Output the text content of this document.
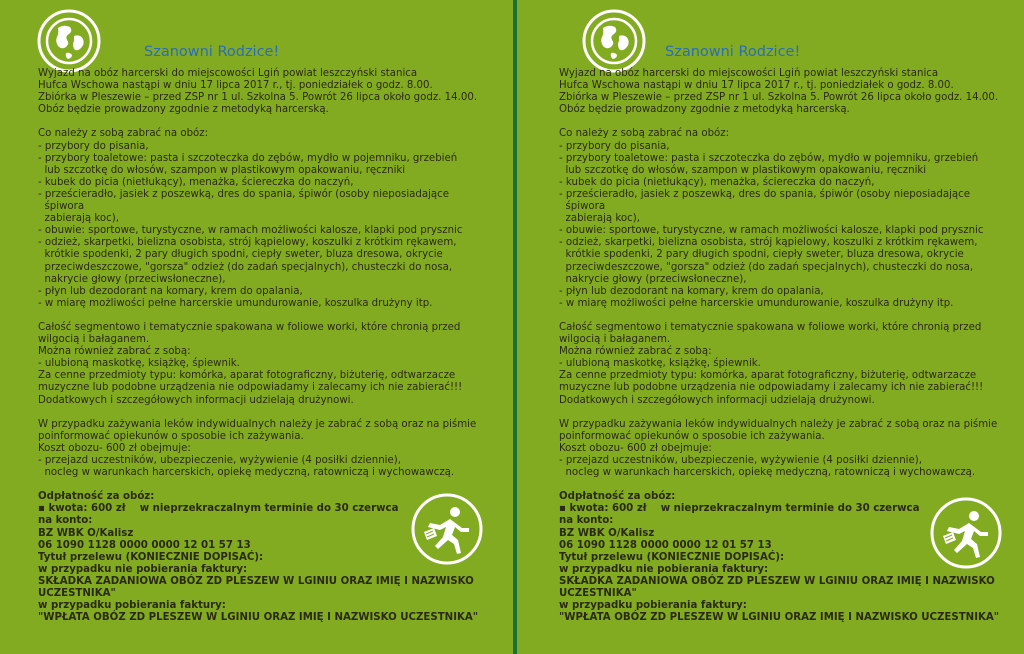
Szanowni Rodzice!
Wyjazd na obóz harcerski do miejscowości Lgiń powiat leszczyński stanica
Hufca Wschowa nastąpi w dniu 17 lipca 2017 r., tj. poniedziałek o godz. 8.00.
Zbiórka w Pleszewie – przed ZSP nr 1 ul. Szkolna 5. Powrót 26 lipca około godz. 14.00.
Obóz będzie prowadzony zgodnie z metodyką harcerską.
Co należy z sobą zabrać na obóz:
- przybory do pisania,
- przybory toaletowe: pasta i szczoteczka do zębów, mydło w pojemniku, grzebień
lub szczotkę do włosów, szampon w plastikowym opakowaniu, ręczniki
- kubek do picia (nietłukący), menażka, ściereczka do naczyń,
- prześcieradło, jasiek z poszewką, dres do spania, śpiwór (osoby nieposiadające
śpiwora
zabierają koc),
- obuwie: sportowe, turystyczne, w ramach możliwości kalosze, klapki pod prysznic
- odzież, skarpetki, bielizna osobista, strój kąpielowy, koszulki z krótkim rękawem,
krótkie spodenki, 2 pary długich spodni, ciepły sweter, bluza dresowa, okrycie
przeciwdeszczowe, "gorsza" odzież (do zadań specjalnych), chusteczki do nosa,
nakrycie głowy (przeciwsłoneczne),
- płyn lub dezodorant na komary, krem do opalania,
- w miarę możliwości pełne harcerskie umundurowanie, koszulka drużyny itp.
Całość segmentowo i tematycznie spakowana w foliowe worki, które chronią przed
wilgocią i bałaganem.
Można również zabrać z sobą:
- ulubioną maskotkę, książkę, śpiewnik.
Za cenne przedmioty typu: komórka, aparat fotograficzny, biżuterię, odtwarzacze
muzyczne lub podobne urządzenia nie odpowiadamy i zalecamy ich nie zabierać!!!
Dodatkowych i szczegółowych informacji udzielają drużynowi.
W przypadku zażywania leków indywidualnych należy je zabrać z sobą oraz na piśmie
poinformować opiekunów o sposobie ich zażywania.
Koszt obozu- 600 zł obejmuje:
- przejazd uczestników, ubezpieczenie, wyżywienie (4 posiłki dziennie),
nocleg w warunkach harcerskich, opiekę medyczną, ratowniczą i wychowawczą.
Odpłatność za obóz:
▪ kwota: 600 zł    w nieprzekraczalnym terminie do 30 czerwca
na konto:
BZ WBK O/Kalisz
06 1090 1128 0000 0000 12 01 57 13
Tytuł przelewu (KONIECZNIE DOPISAĆ):
w przypadku nie pobierania faktury:
SKŁADKA ZADANIOWA OBÓZ ZD PLESZEW W LGINIU ORAZ IMIĘ I NAZWISKO
UCZESTNIKA"
w przypadku pobierania faktury:
"WPŁATA OBÓZ ZD PLESZEW W LGINIU ORAZ IMIĘ I NAZWISKO UCZESTNIKA"
Szanowni Rodzice!
Wyjazd na obóz harcerski do miejscowości Lgiń powiat leszczyński stanica
Hufca Wschowa nastąpi w dniu 17 lipca 2017 r., tj. poniedziałek o godz. 8.00.
Zbiórka w Pleszewie – przed ZSP nr 1 ul. Szkolna 5. Powrót 26 lipca około godz. 14.00.
Obóz będzie prowadzony zgodnie z metodyką harcerską.
Co należy z sobą zabrać na obóz:
- przybory do pisania,
- przybory toaletowe: pasta i szczoteczka do zębów, mydło w pojemniku, grzebień
lub szczotkę do włosów, szampon w plastikowym opakowaniu, ręczniki
- kubek do picia (nietłukący), menażka, ściereczka do naczyń,
- prześcieradło, jasiek z poszewką, dres do spania, śpiwór (osoby nieposiadające
śpiwora
zabierają koc),
- obuwie: sportowe, turystyczne, w ramach możliwości kalosze, klapki pod prysznic
- odzież, skarpetki, bielizna osobista, strój kąpielowy, koszulki z krótkim rękawem,
krótkie spodenki, 2 pary długich spodni, ciepły sweter, bluza dresowa, okrycie
przeciwdeszczowe, "gorsza" odzież (do zadań specjalnych), chusteczki do nosa,
nakrycie głowy (przeciwsłoneczne),
- płyn lub dezodorant na komary, krem do opalania,
- w miarę możliwości pełne harcerskie umundurowanie, koszulka drużyny itp.
Całość segmentowo i tematycznie spakowana w foliowe worki, które chronią przed
wilgocią i bałaganem.
Można również zabrać z sobą:
- ulubioną maskotkę, książkę, śpiewnik.
Za cenne przedmioty typu: komórka, aparat fotograficzny, biżuterię, odtwarzacze
muzyczne lub podobne urządzenia nie odpowiadamy i zalecamy ich nie zabierać!!!
Dodatkowych i szczegółowych informacji udzielają drużynowi.
W przypadku zażywania leków indywidualnych należy je zabrać z sobą oraz na piśmie
poinformować opiekunów o sposobie ich zażywania.
Koszt obozu- 600 zł obejmuje:
- przejazd uczestników, ubezpieczenie, wyżywienie (4 posiłki dziennie),
nocleg w warunkach harcerskich, opiekę medyczną, ratowniczą i wychowawczą.
Odpłatność za obóz:
▪ kwota: 600 zł    w nieprzekraczalnym terminie do 30 czerwca
na konto:
BZ WBK O/Kalisz
06 1090 1128 0000 0000 12 01 57 13
Tytuł przelewu (KONIECZNIE DOPISAĆ):
w przypadku nie pobierania faktury:
SKŁADKA ZADANIOWA OBÓZ ZD PLESZEW W LGINIU ORAZ IMIĘ I NAZWISKO
UCZESTNIKA"
w przypadku pobierania faktury:
"WPŁATA OBÓZ ZD PLESZEW W LGINIU ORAZ IMIĘ I NAZWISKO UCZESTNIKA"
